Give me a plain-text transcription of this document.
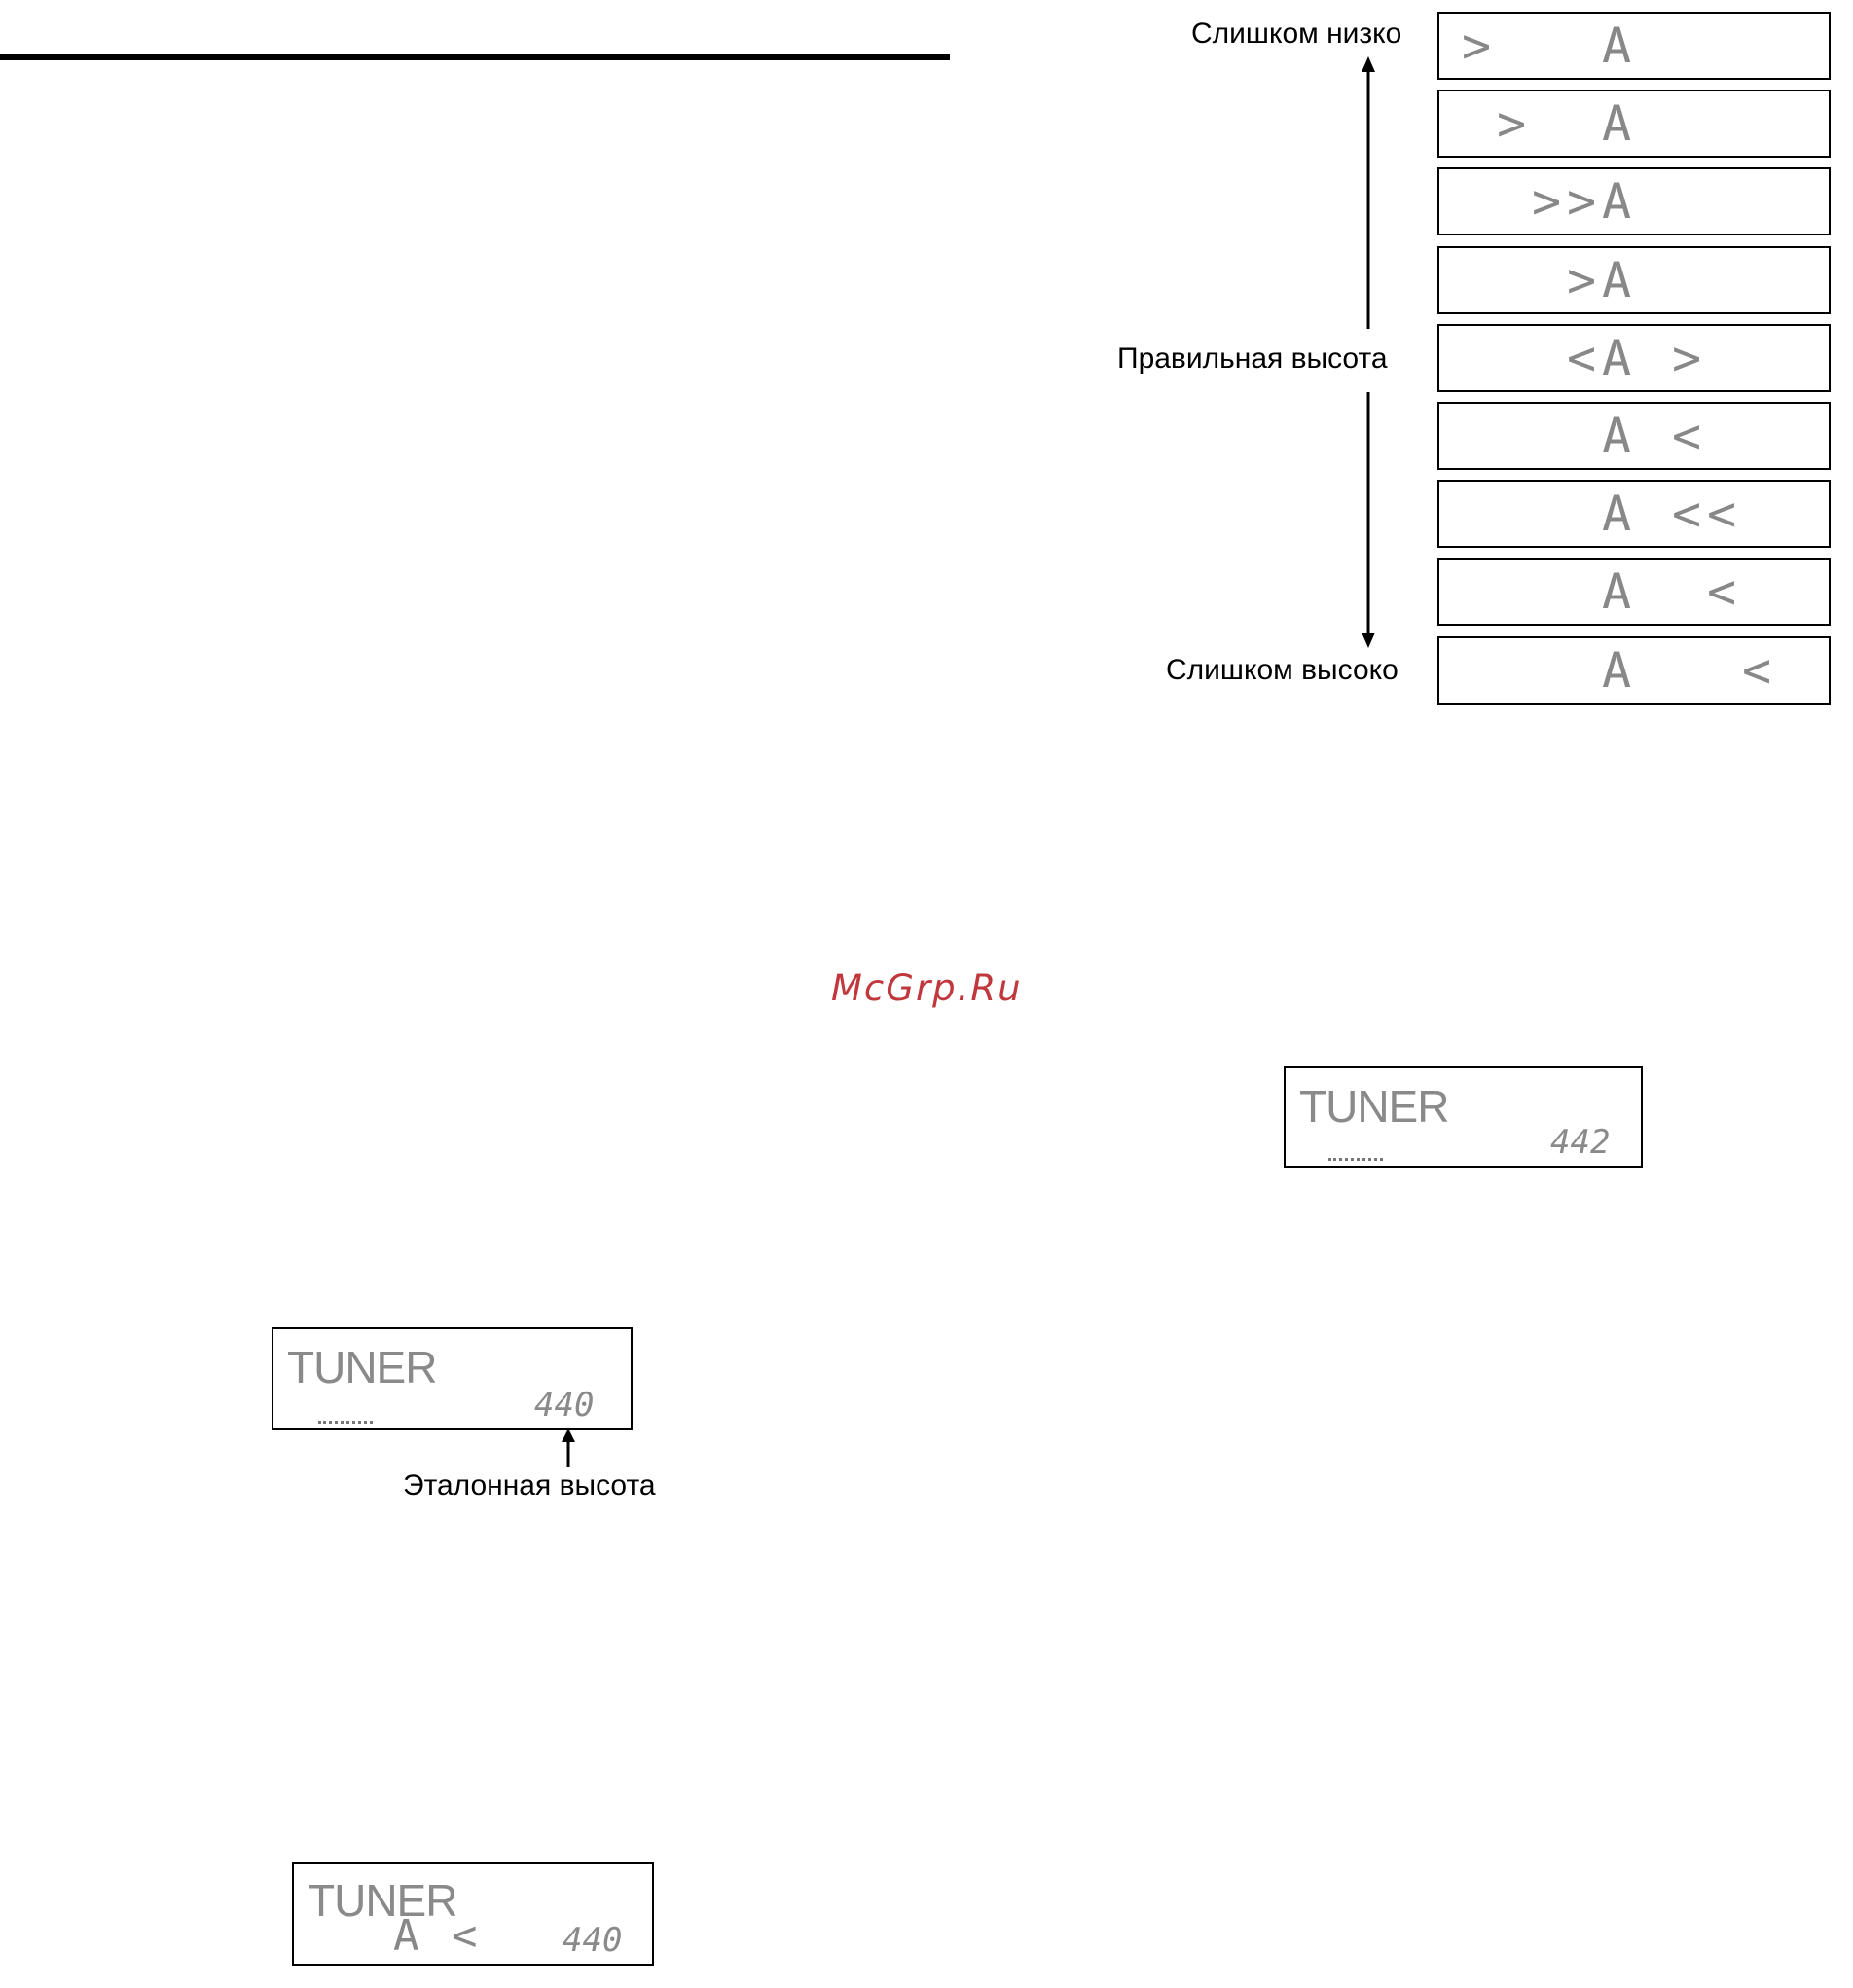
Слишком низко
Правильная высота
Слишком высоко
> A
> A
> > A
> A
< A >
A <
A < <
A <
A <
McGrp.Ru
TUNER
442
TUNER
440
Эталонная высота
TUNER
A <	440
